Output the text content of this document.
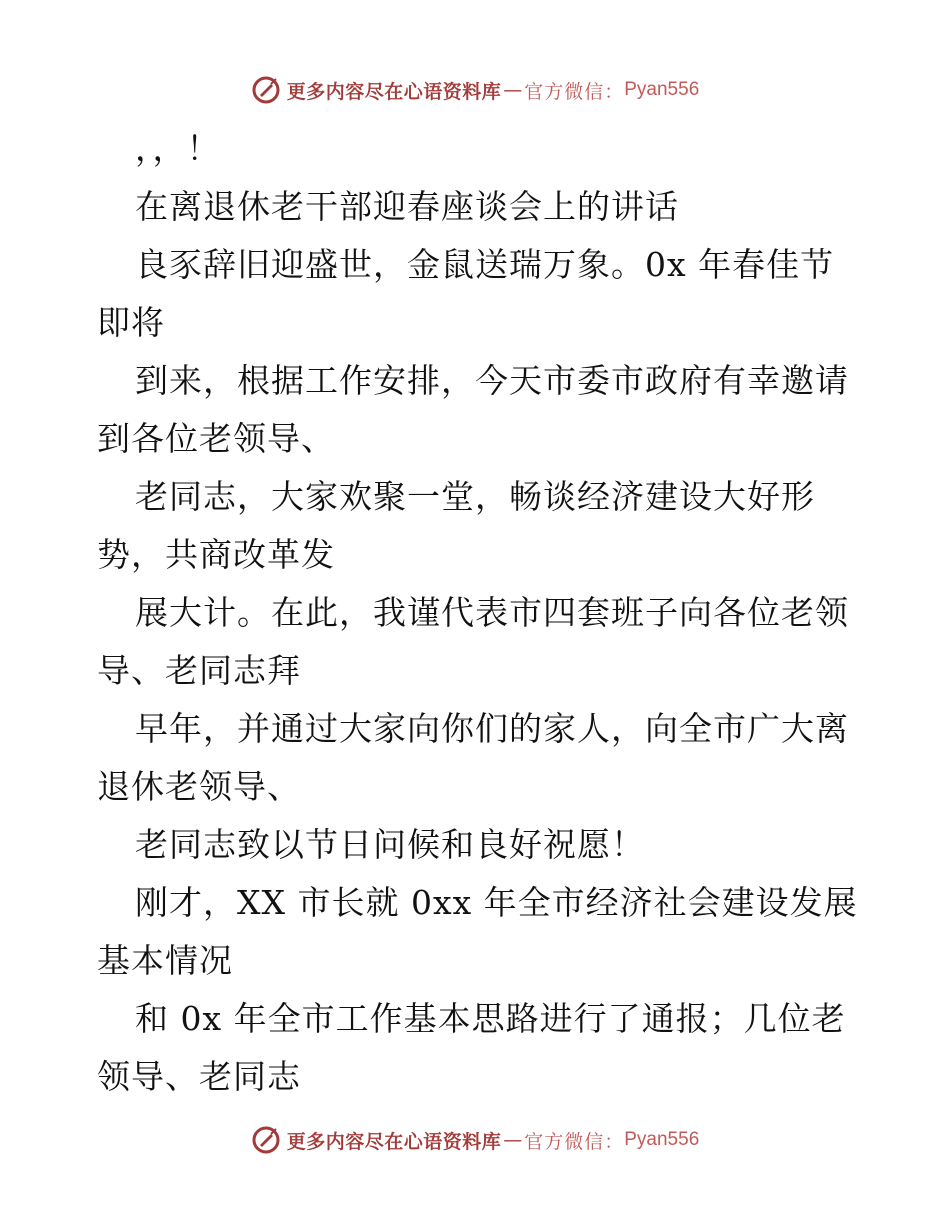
更多内容尽在心语资料库 — 官方微信： Pyan556
，，！
在离退休老干部迎春座谈会上的讲话
良豕辞旧迎盛世，金鼠送瑞万象。0x 年春佳节
即将
到来，根据工作安排，今天市委市政府有幸邀请
到各位老领导、
老同志，大家欢聚一堂，畅谈经济建设大好形
势，共商改革发
展大计。在此，我谨代表市四套班子向各位老领
导、老同志拜
早年，并通过大家向你们的家人，向全市广大离
退休老领导、
老同志致以节日问候和良好祝愿！
刚才，XX 市长就 0xx 年全市经济社会建设发展
基本情况
和 0x 年全市工作基本思路进行了通报；几位老
领导、老同志
更多内容尽在心语资料库 — 官方微信： Pyan556
